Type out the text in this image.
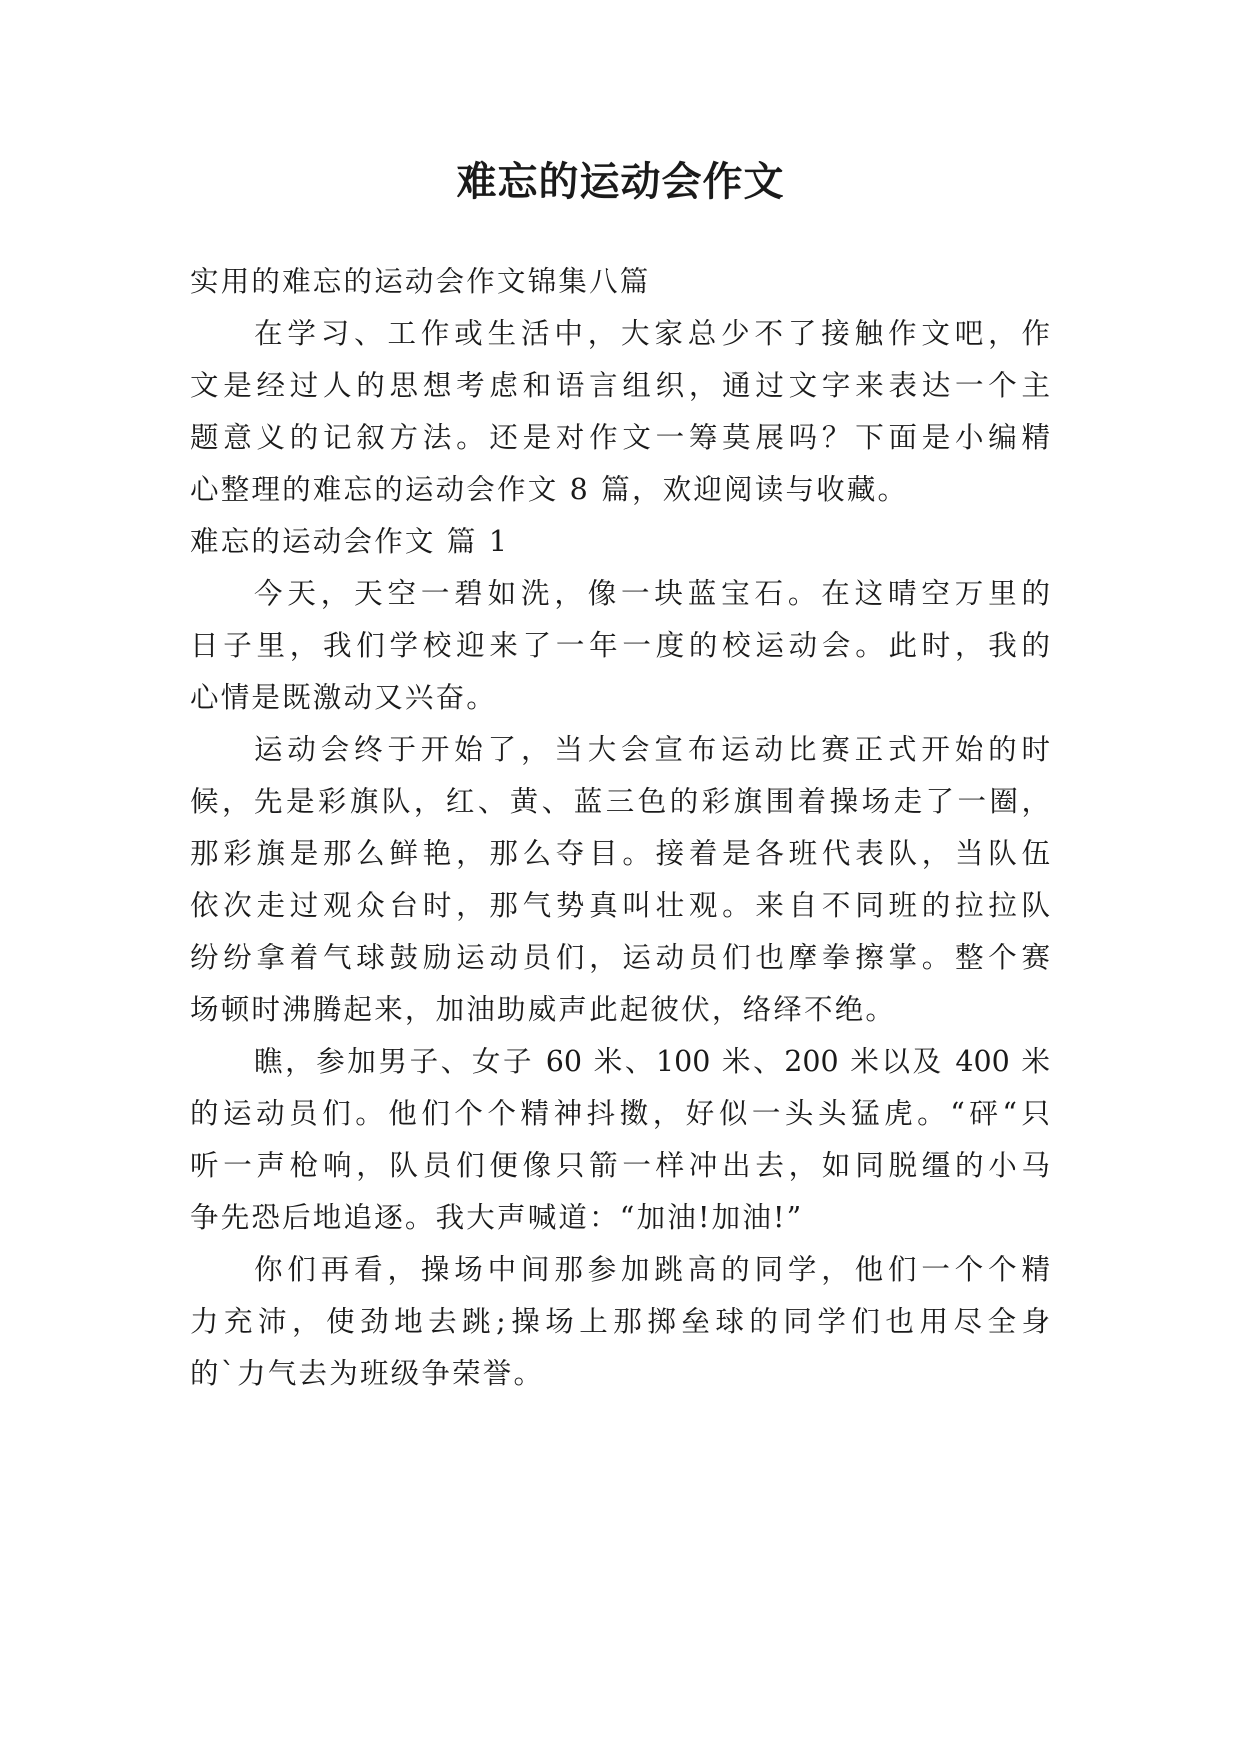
难忘的运动会作文
实用的难忘的运动会作文锦集八篇
在学习、工作或生活中，大家总少不了接触作文吧，作
文是经过人的思想考虑和语言组织，通过文字来表达一个主
题意义的记叙方法。还是对作文一筹莫展吗？下面是小编精
心整理的难忘的运动会作文 8 篇，欢迎阅读与收藏。
难忘的运动会作文 篇 1
今天，天空一碧如洗，像一块蓝宝石。在这晴空万里的
日子里，我们学校迎来了一年一度的校运动会。此时，我的
心情是既激动又兴奋。
运动会终于开始了，当大会宣布运动比赛正式开始的时
候，先是彩旗队，红、黄、蓝三色的彩旗围着操场走了一圈，
那彩旗是那么鲜艳，那么夺目。接着是各班代表队，当队伍
依次走过观众台时，那气势真叫壮观。来自不同班的拉拉队
纷纷拿着气球鼓励运动员们，运动员们也摩拳擦掌。整个赛
场顿时沸腾起来，加油助威声此起彼伏，络绎不绝。
瞧，参加男子、女子 60 米、100 米、200 米以及 400 米
的运动员们。他们个个精神抖擞，好似一头头猛虎。“砰“只
听一声枪响，队员们便像只箭一样冲出去，如同脱缰的小马
争先恐后地追逐。我大声喊道：“加油!加油!”
你们再看，操场中间那参加跳高的同学，他们一个个精
力充沛，使劲地去跳;操场上那掷垒球的同学们也用尽全身
的`力气去为班级争荣誉。
